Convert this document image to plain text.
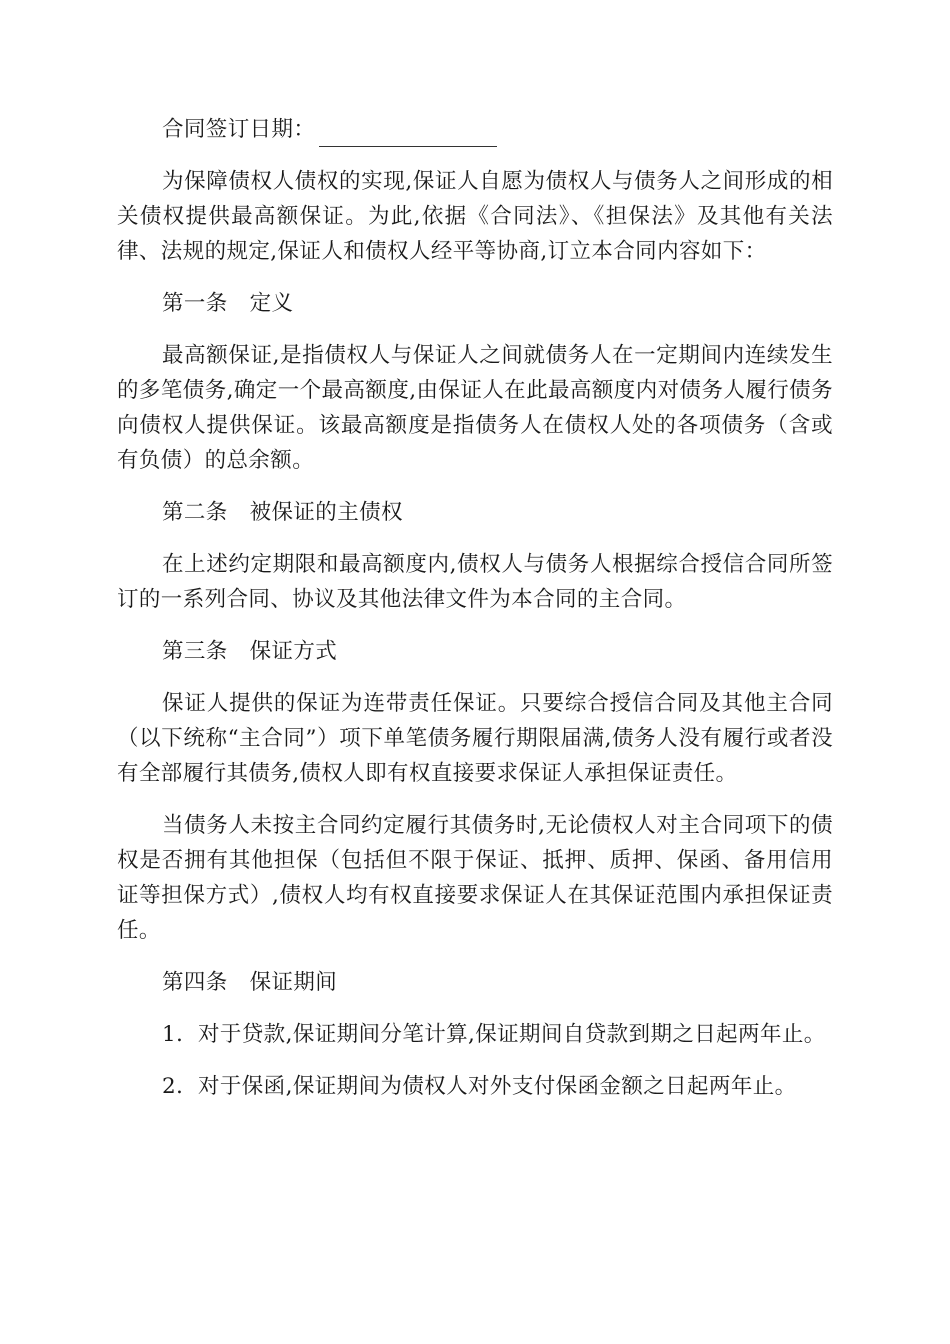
合同签订日期：

为保障债权人债权的实现,保证人自愿为债权人与债务人之间形成的相关债权提供最高额保证。为此,依据《合同法》、《担保法》及其他有关法律、法规的规定,保证人和债权人经平等协商,订立本合同内容如下：

第一条　定义

最高额保证,是指债权人与保证人之间就债务人在一定期间内连续发生的多笔债务,确定一个最高额度,由保证人在此最高额度内对债务人履行债务向债权人提供保证。该最高额度是指债务人在债权人处的各项债务（含或有负债）的总余额。

第二条　被保证的主债权

在上述约定期限和最高额度内,债权人与债务人根据综合授信合同所签订的一系列合同、协议及其他法律文件为本合同的主合同。

第三条　保证方式

保证人提供的保证为连带责任保证。只要综合授信合同及其他主合同（以下统称“主合同”）项下单笔债务履行期限届满,债务人没有履行或者没有全部履行其债务,债权人即有权直接要求保证人承担保证责任。

当债务人未按主合同约定履行其债务时,无论债权人对主合同项下的债权是否拥有其他担保（包括但不限于保证、抵押、质押、保函、备用信用证等担保方式）,债权人均有权直接要求保证人在其保证范围内承担保证责任。

第四条　保证期间

1．对于贷款,保证期间分笔计算,保证期间自贷款到期之日起两年止。

2．对于保函,保证期间为债权人对外支付保函金额之日起两年止。
